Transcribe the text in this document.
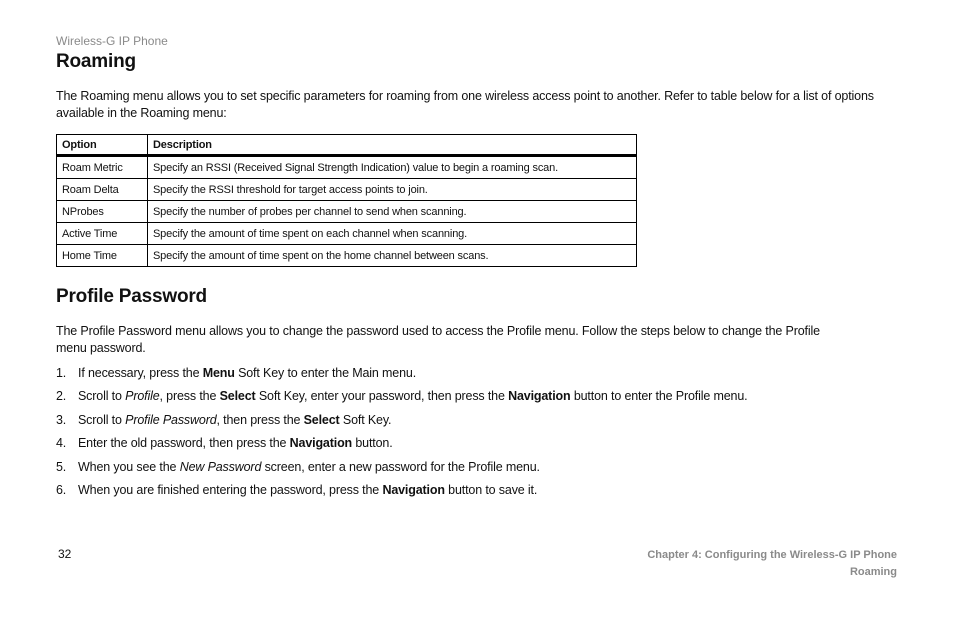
Wireless-G IP Phone
Roaming
The Roaming menu allows you to set specific parameters for roaming from one wireless access point to another. Refer to table below for a list of options
available in the Roaming menu:
Option	Description
Roam Metric	Specify an RSSI (Received Signal Strength Indication) value to begin a roaming scan.
Roam Delta	Specify the RSSI threshold for target access points to join.
NProbes	Specify the number of probes per channel to send when scanning.
Active Time	Specify the amount of time spent on each channel when scanning.
Home Time	Specify the amount of time spent on the home channel between scans.
Profile Password
The Profile Password menu allows you to change the password used to access the Profile menu. Follow the steps below to change the Profile
menu password.
1. If necessary, press the Menu Soft Key to enter the Main menu.
2. Scroll to Profile, press the Select Soft Key, enter your password, then press the Navigation button to enter the Profile menu.
3. Scroll to Profile Password, then press the Select Soft Key.
4. Enter the old password, then press the Navigation button.
5. When you see the New Password screen, enter a new password for the Profile menu.
6. When you are finished entering the password, press the Navigation button to save it.
32	Chapter 4: Configuring the Wireless-G IP Phone
Roaming
